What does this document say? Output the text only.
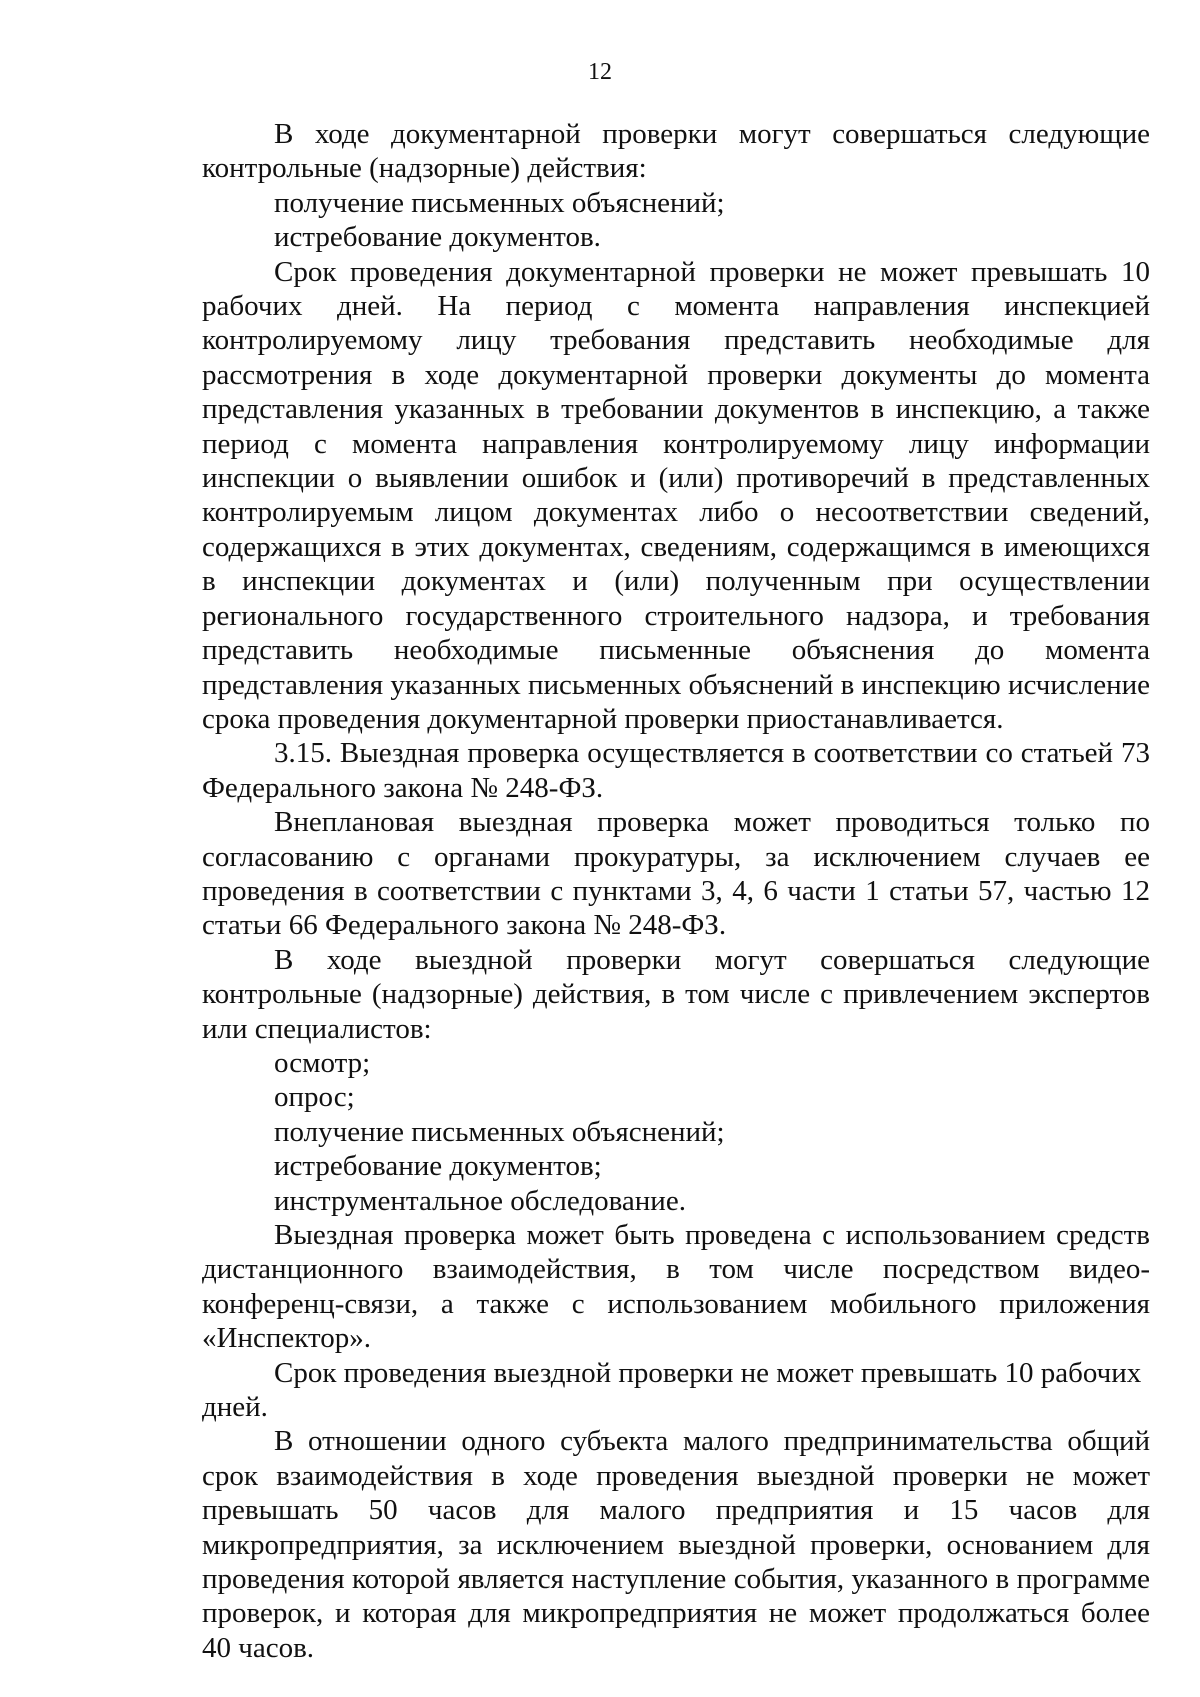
12

В ходе документарной проверки могут совершаться следующие контрольные (надзорные) действия:

получение письменных объяснений;

истребование документов.

Срок проведения документарной проверки не может превышать 10 рабочих дней. На период с момента направления инспекцией контролируемому лицу требования представить необходимые для рассмотрения в ходе документарной проверки документы до момента представления указанных в требовании документов в инспекцию, а также период с момента направления контролируемому лицу информации инспекции о выявлении ошибок и (или) противоречий в представленных контролируемым лицом документах либо о несоответствии сведений, содержащихся в этих документах, сведениям, содержащимся в имеющихся в инспекции документах и (или) полученным при осуществлении регионального государственного строительного надзора, и требования представить необходимые письменные объяснения до момента представления указанных письменных объяснений в инспекцию исчисление срока проведения документарной проверки приостанавливается.

3.15. Выездная проверка осуществляется в соответствии со статьей 73 Федерального закона № 248-ФЗ.

Внеплановая выездная проверка может проводиться только по согласованию с органами прокуратуры, за исключением случаев ее проведения в соответствии с пунктами 3, 4, 6 части 1 статьи 57, частью 12 статьи 66 Федерального закона № 248-ФЗ.

В ходе выездной проверки могут совершаться следующие контрольные (надзорные) действия, в том числе с привлечением экспертов или специалистов:

осмотр;

опрос;

получение письменных объяснений;

истребование документов;

инструментальное обследование.

Выездная проверка может быть проведена с использованием средств дистанционного взаимодействия, в том числе посредством видео-конференц-связи, а также с использованием мобильного приложения «Инспектор».

Срок проведения выездной проверки не может превышать 10 рабочих дней.

В отношении одного субъекта малого предпринимательства общий срок взаимодействия в ходе проведения выездной проверки не может превышать 50 часов для малого предприятия и 15 часов для микропредприятия, за исключением выездной проверки, основанием для проведения которой является наступление события, указанного в программе проверок, и которая для микропредприятия не может продолжаться более 40 часов.
